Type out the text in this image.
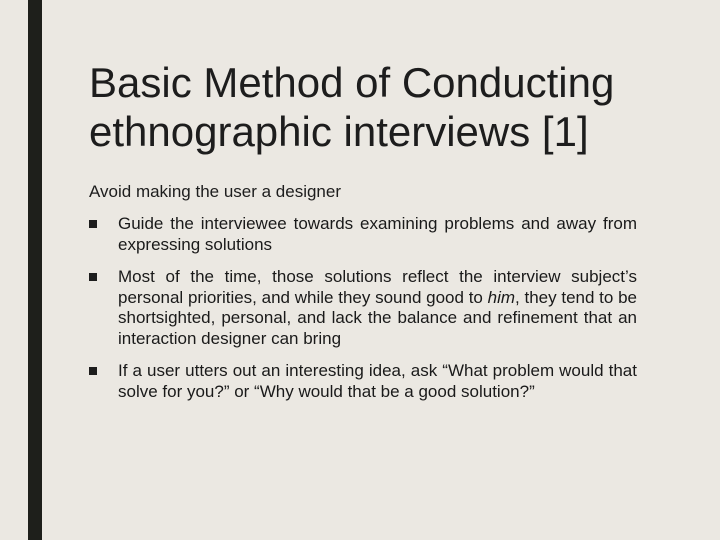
Basic Method of Conducting ethnographic interviews [1]

Avoid making the user a designer

Guide the interviewee towards examining problems and away from expressing solutions
Most of the time, those solutions reflect the interview subject’s personal priorities, and while they sound good to him, they tend to be shortsighted, personal, and lack the balance and refinement that an interaction designer can bring
If a user utters out an interesting idea, ask “What problem would that solve for you?” or “Why would that be a good solution?”
